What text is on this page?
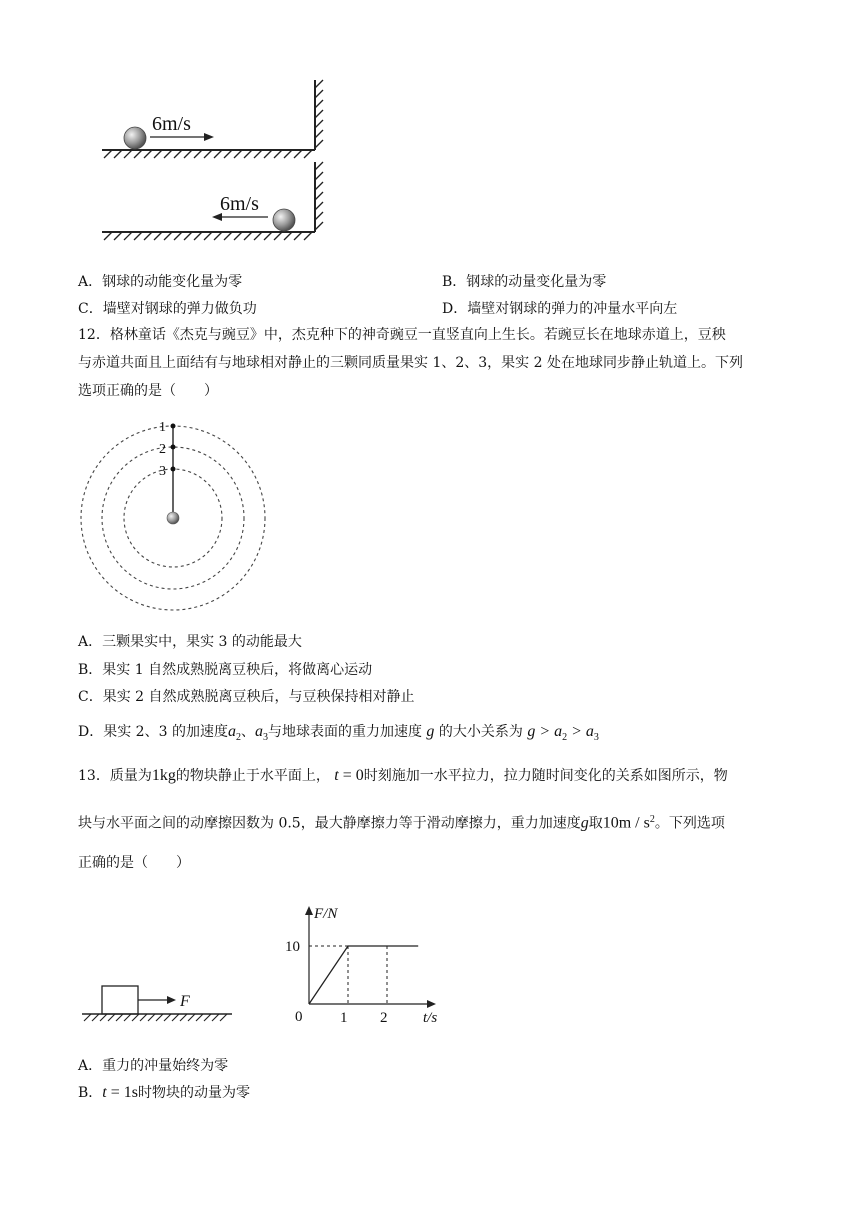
6m/s
6m/s
A．钢球的动能变化量为零	B．钢球的动量变化量为零
C．墙壁对钢球的弹力做负功	D．墙壁对钢球的弹力的冲量水平向左
12．格林童话《杰克与豌豆》中，杰克种下的神奇豌豆一直竖直向上生长。若豌豆长在地球赤道上，豆秧
与赤道共面且上面结有与地球相对静止的三颗同质量果实 1、2、3，果实 2 处在地球同步静止轨道上。下列
选项正确的是（　　）
1
2
3
A．三颗果实中，果实 3 的动能最大
B．果实 1 自然成熟脱离豆秧后，将做离心运动
C．果实 2 自然成熟脱离豆秧后，与豆秧保持相对静止
D．果实 2、3 的加速度$a_2$、$a_3$与地球表面的重力加速度 g 的大小关系为 $g > a_2 > a_3$
13．质量为1kg的物块静止于水平面上， t = 0时刻施加一水平拉力，拉力随时间变化的关系如图所示，物
块与水平面之间的动摩擦因数为 0.5，最大静摩擦力等于滑动摩擦力，重力加速度g取$10m / s^2$。下列选项
正确的是（　　）
F
F/N
10
0	1 2 t/s
A．重力的冲量始终为零
B．t = 1s时物块的动量为零
